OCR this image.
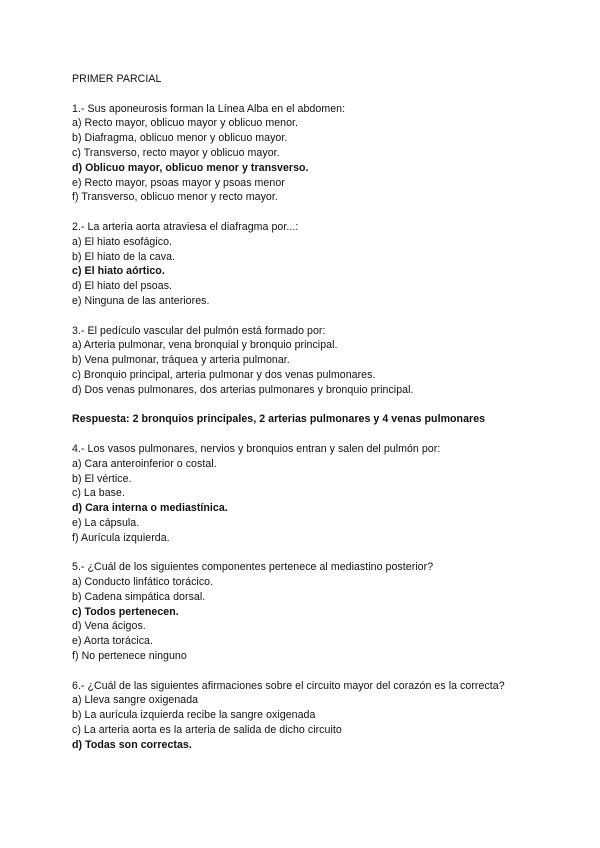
PRIMER PARCIAL
1.- Sus aponeurosis forman la Línea Alba en el abdomen:
a) Recto mayor, oblicuo mayor y oblicuo menor.
b) Diafragma, oblicuo menor y oblicuo mayor.
c) Transverso, recto mayor y oblicuo mayor.
d) Oblicuo mayor, oblicuo menor y transverso.
e) Recto mayor, psoas mayor y psoas menor
f) Transverso, oblicuo menor y recto mayor.
2.- La arteria aorta atraviesa el diafragma por...:
a) El hiato esofágico.
b) El hiato de la cava.
c) El hiato aórtico.
d) El hiato del psoas.
e) Ninguna de las anteriores.
3.- El pedículo vascular del pulmón está formado por:
a) Arteria pulmonar, vena bronquial y bronquio principal.
b) Vena pulmonar, tráquea y arteria pulmonar.
c) Bronquio principal, arteria pulmonar y dos venas pulmonares.
d) Dos venas pulmonares, dos arterias pulmonares y bronquio principal.
Respuesta: 2 bronquios principales, 2 arterias pulmonares y 4 venas pulmonares
4.- Los vasos pulmonares, nervios y bronquios entran y salen del pulmón por:
a) Cara anteroinferior o costal.
b) El vértice.
c) La base.
d) Cara interna o mediastínica.
e) La cápsula.
f) Aurícula izquierda.
5.- ¿Cuál de los siguientes componentes pertenece al mediastino posterior?
a) Conducto linfático torácico.
b) Cadena simpática dorsal.
c) Todos pertenecen.
d) Vena ácigos.
e) Aorta torácica.
f) No pertenece ninguno
6.- ¿Cuál de las siguientes afirmaciones sobre el circuito mayor del corazón es la correcta?
a) Lleva sangre oxigenada
b) La aurícula izquierda recibe la sangre oxigenada
c) La arteria aorta es la arteria de salida de dicho circuito
d) Todas son correctas.
